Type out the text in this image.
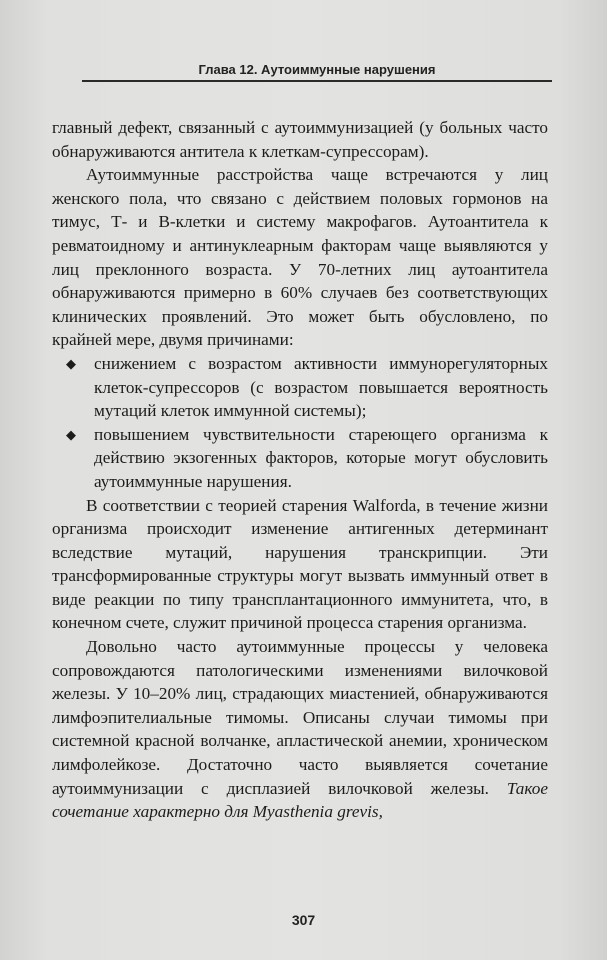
Глава 12. Аутоиммунные нарушения

главный дефект, связанный с аутоиммунизацией (у больных часто обнаруживаются антитела к клеткам-супрессорам).

Аутоиммунные расстройства чаще встречаются у лиц женского пола, что связано с действием половых гормонов на тимус, Т- и В-клетки и систему макрофагов. Аутоантитела к ревматоидному и антинуклеарным факторам чаще выявляются у лиц преклонного возраста. У 70-летних лиц аутоантитела обнаруживаются примерно в 60% случаев без соответствующих клинических проявлений. Это может быть обусловлено, по крайней мере, двумя причинами:

◆ снижением с возрастом активности иммунорегуляторных клеток-супрессоров (с возрастом повышается вероятность мутаций клеток иммунной системы);
◆ повышением чувствительности стареющего организма к действию экзогенных факторов, которые могут обусловить аутоиммунные нарушения.

В соответствии с теорией старения Walforda, в течение жизни организма происходит изменение антигенных детерминант вследствие мутаций, нарушения транскрипции. Эти трансформированные структуры могут вызвать иммунный ответ в виде реакции по типу трансплантационного иммунитета, что, в конечном счете, служит причиной процесса старения организма.

Довольно часто аутоиммунные процессы у человека сопровождаются патологическими изменениями вилочковой железы. У 10–20% лиц, страдающих миастенией, обнаруживаются лимфоэпителиальные тимомы. Описаны случаи тимомы при системной красной волчанке, апластической анемии, хроническом лимфолейкозе. Достаточно часто выявляется сочетание аутоиммунизации с дисплазией вилочковой железы. Такое сочетание характерно для Myasthenia grevis,

307
